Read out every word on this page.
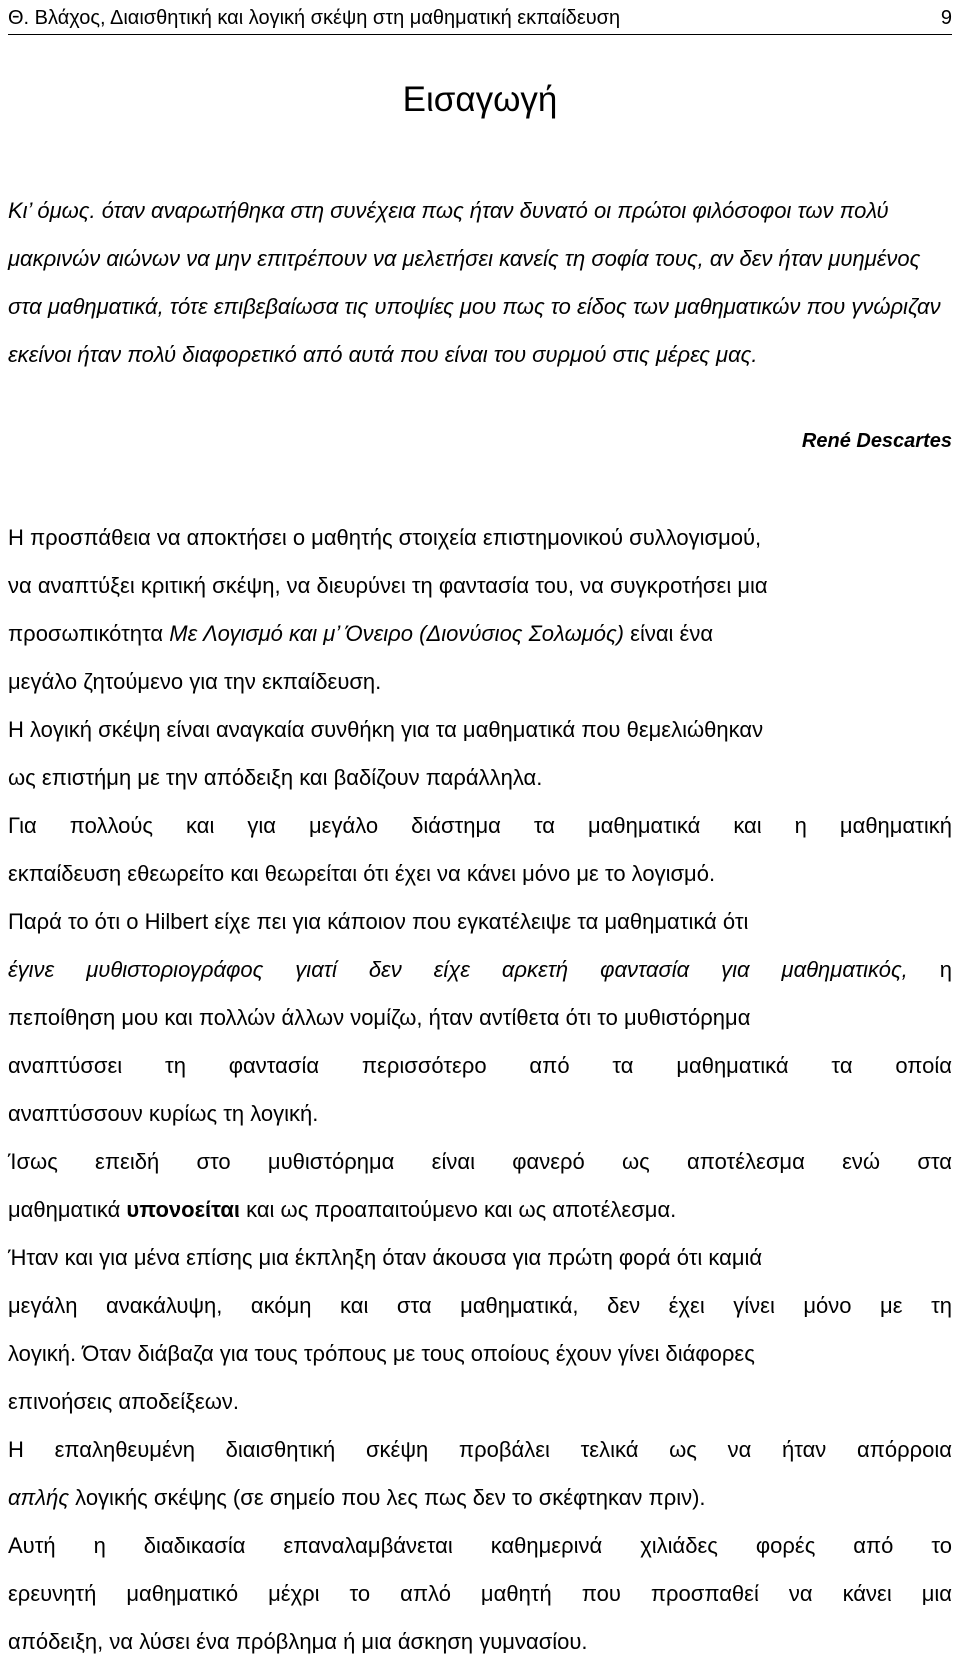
Θ. Βλάχος, Διαισθητική και λογική σκέψη στη μαθηματική εκπαίδευση	9
Εισαγωγή
Κι’ όμως. όταν αναρωτήθηκα στη συνέχεια πως ήταν δυνατό οι πρώτοι φιλόσοφοι των πολύ μακρινών αιώνων να μην επιτρέπουν να μελετήσει κανείς τη σοφία τους, αν δεν ήταν μυημένος στα μαθηματικά, τότε επιβεβαίωσα τις υποψίες μου πως το είδος των μαθηματικών που γνώριζαν εκείνοι ήταν πολύ διαφορετικό από αυτά που είναι του συρμού στις μέρες μας.
René Descartes
Η προσπάθεια να αποκτήσει ο μαθητής στοιχεία επιστημονικού συλλογισμού,
να αναπτύξει κριτική σκέψη, να διευρύνει τη φαντασία του, να συγκροτήσει μια
προσωπικότητα Με Λογισμό και μ’ Όνειρο (Διονύσιος Σολωμός) είναι ένα
μεγάλο ζητούμενο για την εκπαίδευση.
Η λογική σκέψη είναι αναγκαία συνθήκη για τα μαθηματικά που θεμελιώθηκαν
ως επιστήμη με την απόδειξη και βαδίζουν παράλληλα.
Για πολλούς και για μεγάλο διάστημα τα μαθηματικά και η μαθηματική
εκπαίδευση εθεωρείτο και θεωρείται ότι έχει να κάνει μόνο με το λογισμό.
Παρά το ότι ο Hilbert είχε πει για κάποιον που εγκατέλειψε τα μαθηματικά ότι
έγινε μυθιστοριογράφος γιατί δεν είχε αρκετή φαντασία για μαθηματικός, η
πεποίθηση μου και πολλών άλλων νομίζω, ήταν αντίθετα ότι το μυθιστόρημα
αναπτύσσει τη φαντασία περισσότερο από τα μαθηματικά τα οποία
αναπτύσσουν κυρίως τη λογική.
Ίσως επειδή στο μυθιστόρημα είναι φανερό ως αποτέλεσμα ενώ στα
μαθηματικά υπονοείται και ως προαπαιτούμενο και ως αποτέλεσμα.
Ήταν και για μένα επίσης μια έκπληξη όταν άκουσα για πρώτη φορά ότι καμιά
μεγάλη ανακάλυψη, ακόμη και στα μαθηματικά, δεν έχει γίνει μόνο με τη
λογική. Όταν διάβαζα για τους τρόπους με τους οποίους έχουν γίνει διάφορες
επινοήσεις αποδείξεων.
Η επαληθευμένη διαισθητική σκέψη προβάλει τελικά ως να ήταν απόρροια
απλής λογικής σκέψης (σε σημείο που λες πως δεν το σκέφτηκαν πριν).
Αυτή η διαδικασία επαναλαμβάνεται καθημερινά χιλιάδες φορές από το
ερευνητή μαθηματικό μέχρι το απλό μαθητή που προσπαθεί να κάνει μια
απόδειξη, να λύσει ένα πρόβλημα ή μια άσκηση γυμνασίου.
